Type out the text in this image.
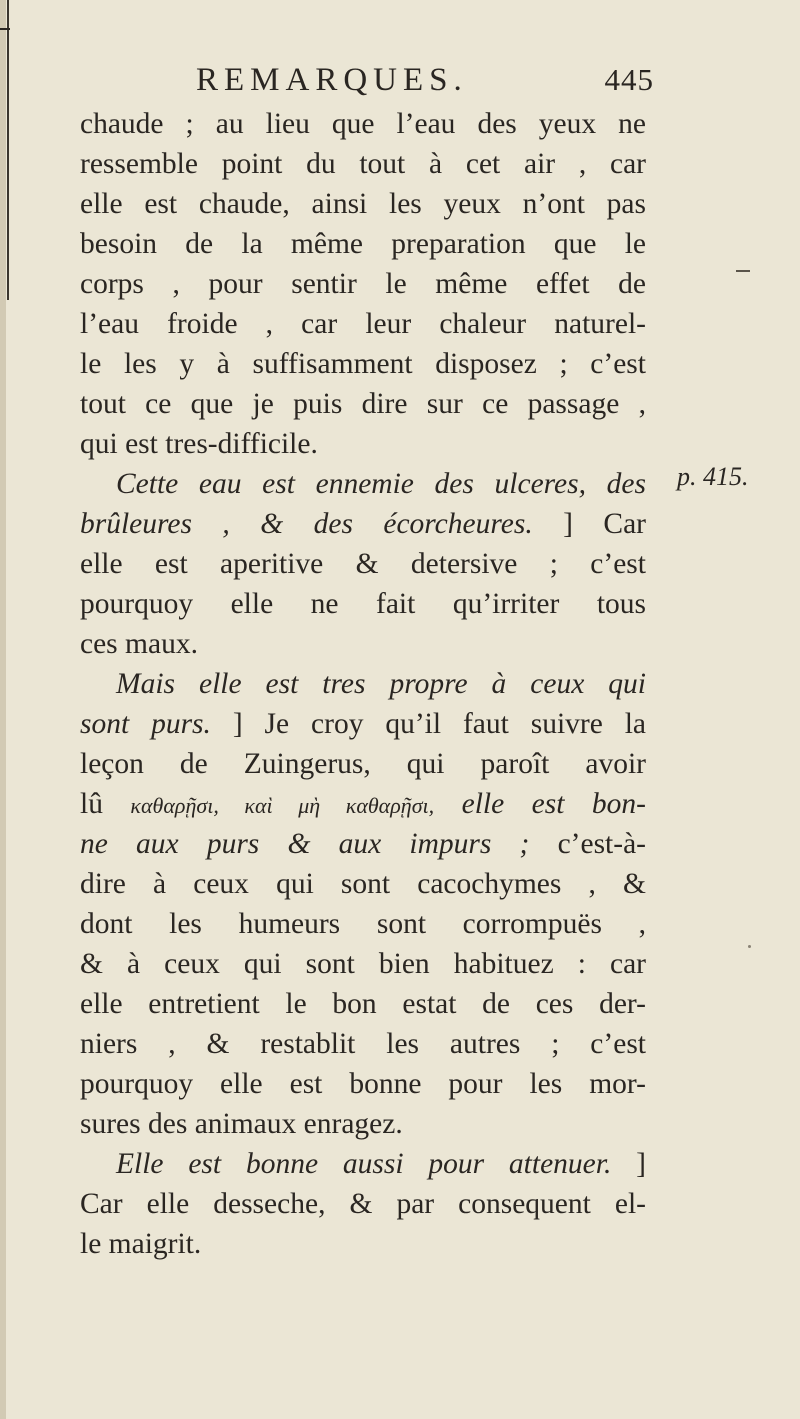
REMARQUES.	445
p. 415.
chaude ; au lieu que l’eau des yeux ne
ressemble point du tout à cet air , car
elle est chaude, ainsi les yeux n’ont pas
besoin de la même preparation que le
corps , pour sentir le même effet de
l’eau froide , car leur chaleur naturel-
le les y à suffisamment disposez ; c’est
tout ce que je puis dire sur ce passage ,
qui est tres-difficile.
Cette eau est ennemie des ulceres, des
brûleures , & des écorcheures. ] Car
elle est aperitive & detersive ; c’est
pourquoy elle ne fait qu’irriter tous
ces maux.
Mais elle est tres propre à ceux qui
sont purs. ] Je croy qu’il faut suivre la
leçon de Zuingerus, qui paroît avoir
lû καθαρῇσι, καὶ μὴ καθαρῇσι, elle est bon-
ne aux purs & aux impurs ; c’est-à-
dire à ceux qui sont cacochymes , &
dont les humeurs sont corrompuës ,
& à ceux qui sont bien habituez : car
elle entretient le bon estat de ces der-
niers , & restablit les autres ; c’est
pourquoy elle est bonne pour les mor-
sures des animaux enragez.
Elle est bonne aussi pour attenuer. ]
Car elle desseche, & par consequent el-
le maigrit.
